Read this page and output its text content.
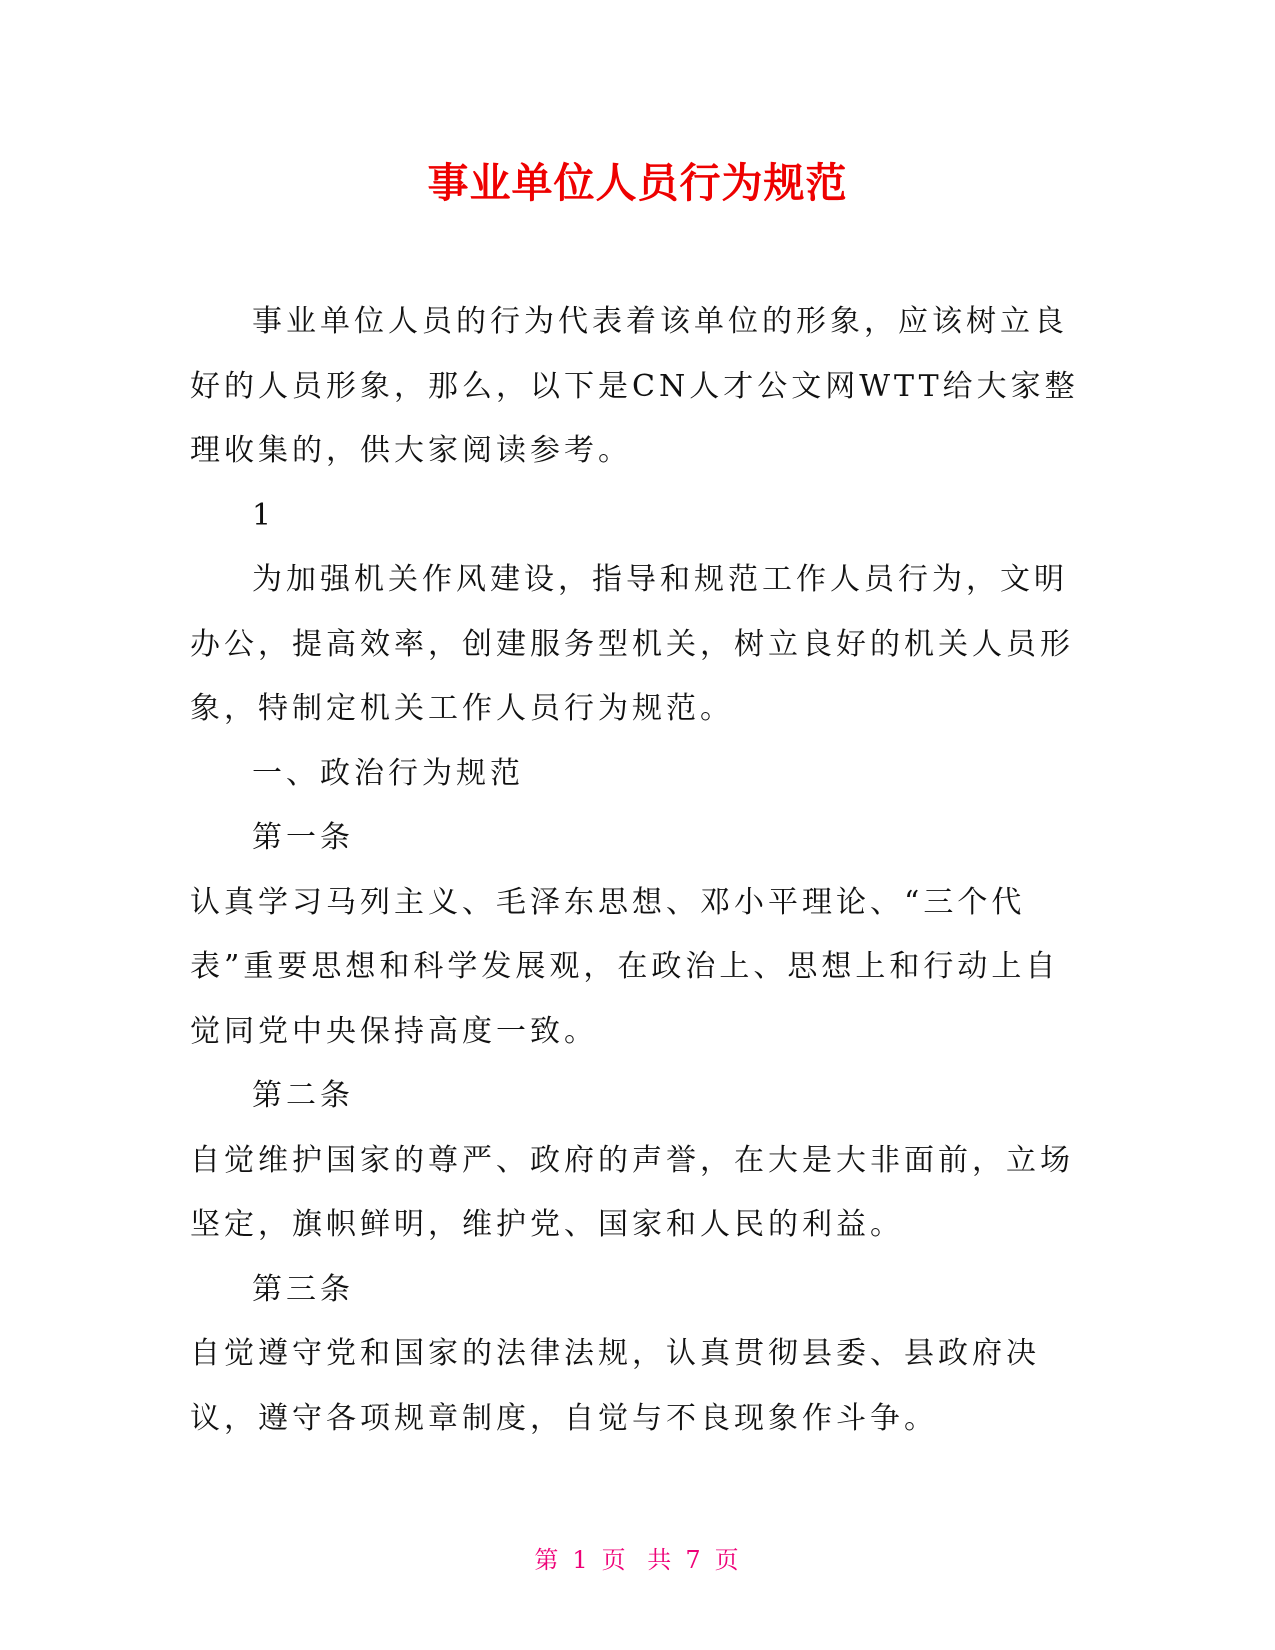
事业单位人员行为规范

事业单位人员的行为代表着该单位的形象，应该树立良好的人员形象，那么，以下是CN人才公文网WTT给大家整理收集的，供大家阅读参考。

1

为加强机关作风建设，指导和规范工作人员行为，文明办公，提高效率，创建服务型机关，树立良好的机关人员形象，特制定机关工作人员行为规范。

一、政治行为规范

第一条

认真学习马列主义、毛泽东思想、邓小平理论、“三个代表”重要思想和科学发展观，在政治上、思想上和行动上自觉同党中央保持高度一致。

第二条

自觉维护国家的尊严、政府的声誉，在大是大非面前，立场坚定，旗帜鲜明，维护党、国家和人民的利益。

第三条

自觉遵守党和国家的法律法规，认真贯彻县委、县政府决议，遵守各项规章制度，自觉与不良现象作斗争。

第 1 页 共 7 页
